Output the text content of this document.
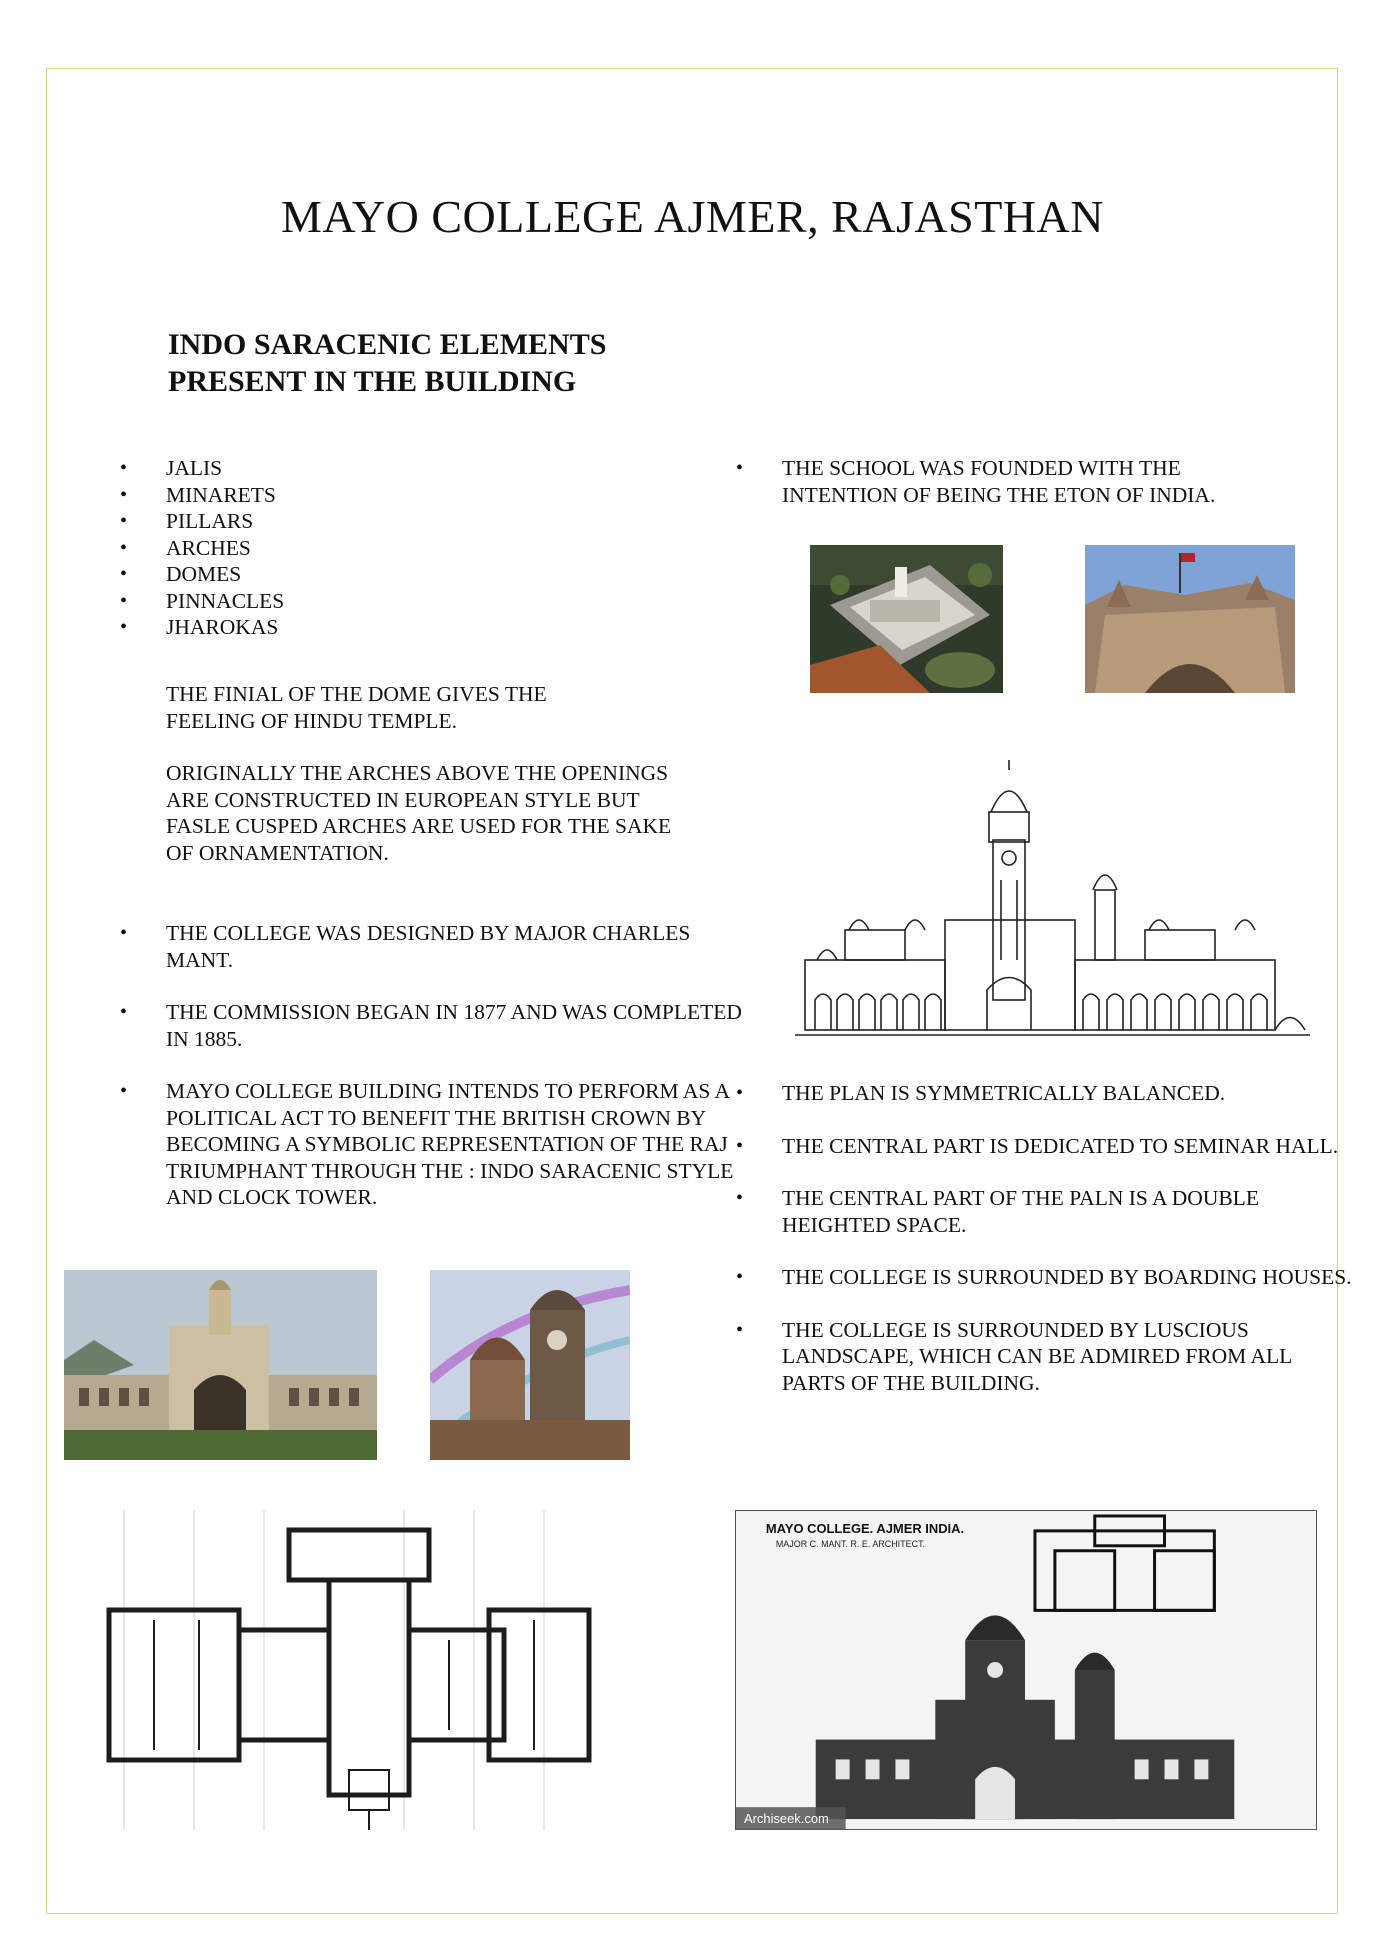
MAYO COLLEGE AJMER, RAJASTHAN
INDO SARACENIC ELEMENTS
PRESENT IN THE BUILDING
• JALIS
• MINARETS
• PILLARS
• ARCHES
• DOMES
• PINNACLES
• JHAROKAS

THE FINIAL OF THE DOME GIVES THE FEELING OF HINDU TEMPLE.

ORIGINALLY THE ARCHES ABOVE THE OPENINGS ARE CONSTRUCTED IN EUROPEAN STYLE BUT FASLE CUSPED ARCHES ARE USED FOR THE SAKE OF ORNAMENTATION.

• THE COLLEGE WAS DESIGNED BY MAJOR CHARLES MANT.
• THE COMMISSION BEGAN IN 1877 AND WAS COMPLETED IN 1885.
• MAYO COLLEGE BUILDING INTENDS TO PERFORM AS A POLITICAL ACT TO BENEFIT THE BRITISH CROWN BY BECOMING A SYMBOLIC REPRESENTATION OF THE RAJ TRIUMPHANT THROUGH THE : INDO SARACENIC STYLE AND CLOCK TOWER.
• THE SCHOOL WAS FOUNDED WITH THE INTENTION OF BEING THE ETON OF INDIA.
• THE PLAN IS SYMMETRICALLY BALANCED.
• THE CENTRAL PART IS DEDICATED TO SEMINAR HALL.
• THE CENTRAL PART OF THE PALN IS A DOUBLE HEIGHTED SPACE.
• THE COLLEGE IS SURROUNDED BY BOARDING HOUSES.
• THE COLLEGE IS SURROUNDED BY LUSCIOUS LANDSCAPE, WHICH CAN BE ADMIRED FROM ALL PARTS OF THE BUILDING.
MAYO COLLEGE. AJMER INDIA.
MAJOR C. MANT. R. E. ARCHITECT.
Archiseek.com
